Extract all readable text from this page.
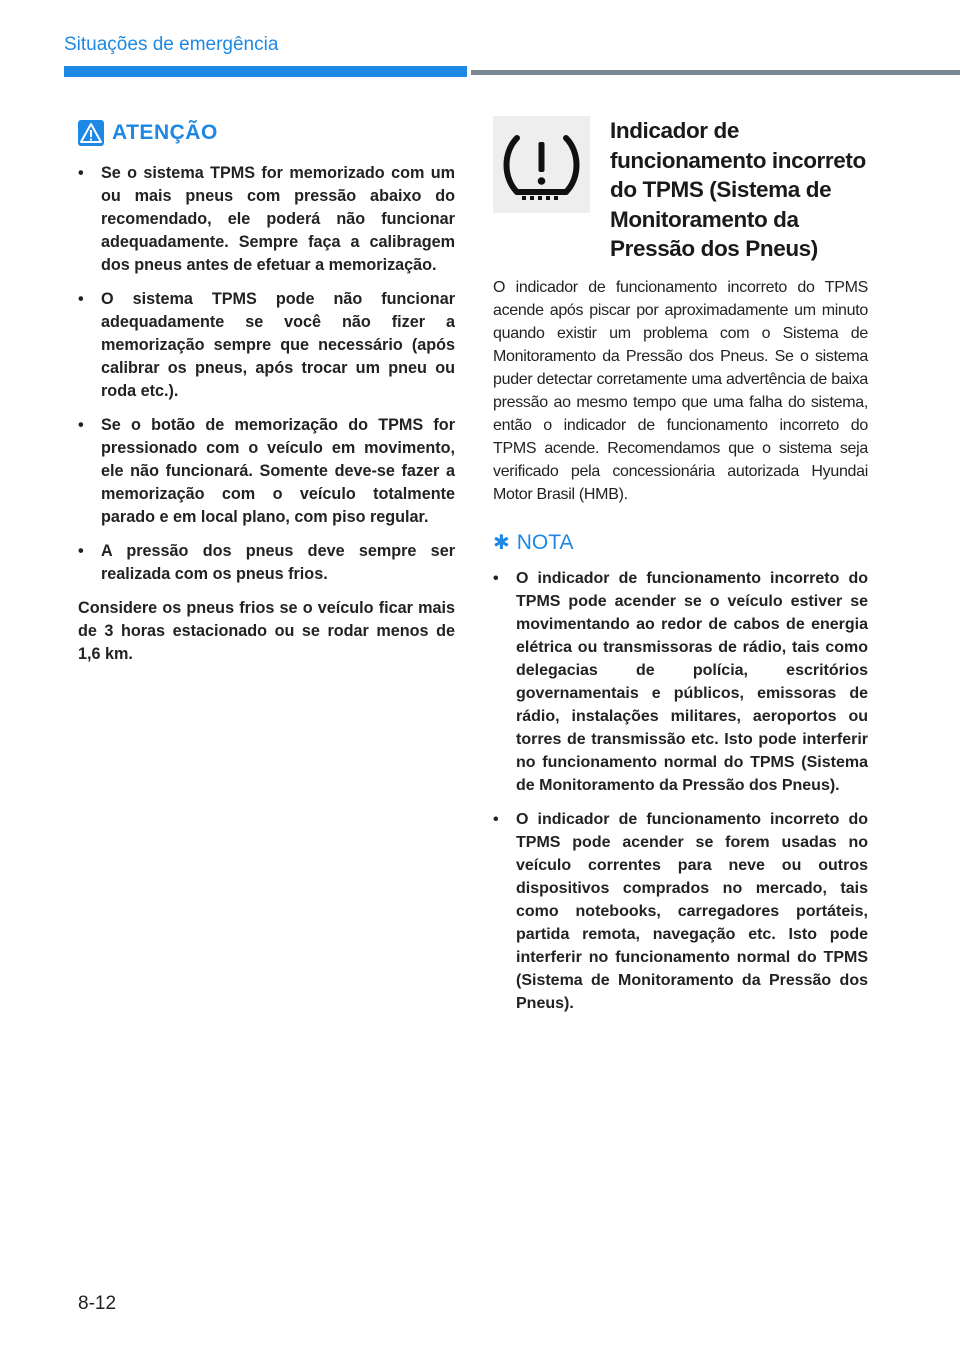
Situações de emergência
ATENÇÃO
• Se o sistema TPMS for memorizado com um ou mais pneus com pressão abaixo do recomendado, ele poderá não funcionar adequadamente. Sempre faça a calibragem dos pneus antes de efetuar a memorização.
• O sistema TPMS pode não funcionar adequadamente se você não fizer a memorização sempre que necessário (após calibrar os pneus, após trocar um pneu ou roda etc.).
• Se o botão de memorização do TPMS for pressionado com o veículo em movimento, ele não funcionará. Somente deve-se fazer a memorização com o veículo totalmente parado e em local plano, com piso regular.
• A pressão dos pneus deve sempre ser realizada com os pneus frios.

Considere os pneus frios se o veículo ficar mais de 3 horas estacionado ou se rodar menos de 1,6 km.

Indicador de funcionamento incorreto do TPMS (Sistema de Monitoramento da Pressão dos Pneus)

O indicador de funcionamento incorreto do TPMS acende após piscar por aproximadamente um minuto quando existir um problema com o Sistema de Monitoramento da Pressão dos Pneus. Se o sistema puder detectar corretamente uma advertência de baixa pressão ao mesmo tempo que uma falha do sistema, então o indicador de funcionamento incorreto do TPMS acende. Recomendamos que o sistema seja verificado pela concessionária autorizada Hyundai Motor Brasil (HMB).

✱ NOTA
• O indicador de funcionamento incorreto do TPMS pode acender se o veículo estiver se movimentando ao redor de cabos de energia elétrica ou transmissoras de rádio, tais como delegacias de polícia, escritórios governamentais e públicos, emissoras de rádio, instalações militares, aeroportos ou torres de transmissão etc. Isto pode interferir no funcionamento normal do TPMS (Sistema de Monitoramento da Pressão dos Pneus).
• O indicador de funcionamento incorreto do TPMS pode acender se forem usadas no veículo correntes para neve ou outros dispositivos comprados no mercado, tais como notebooks, carregadores portáteis, partida remota, navegação etc. Isto pode interferir no funcionamento normal do TPMS (Sistema de Monitoramento da Pressão dos Pneus).
8-12
